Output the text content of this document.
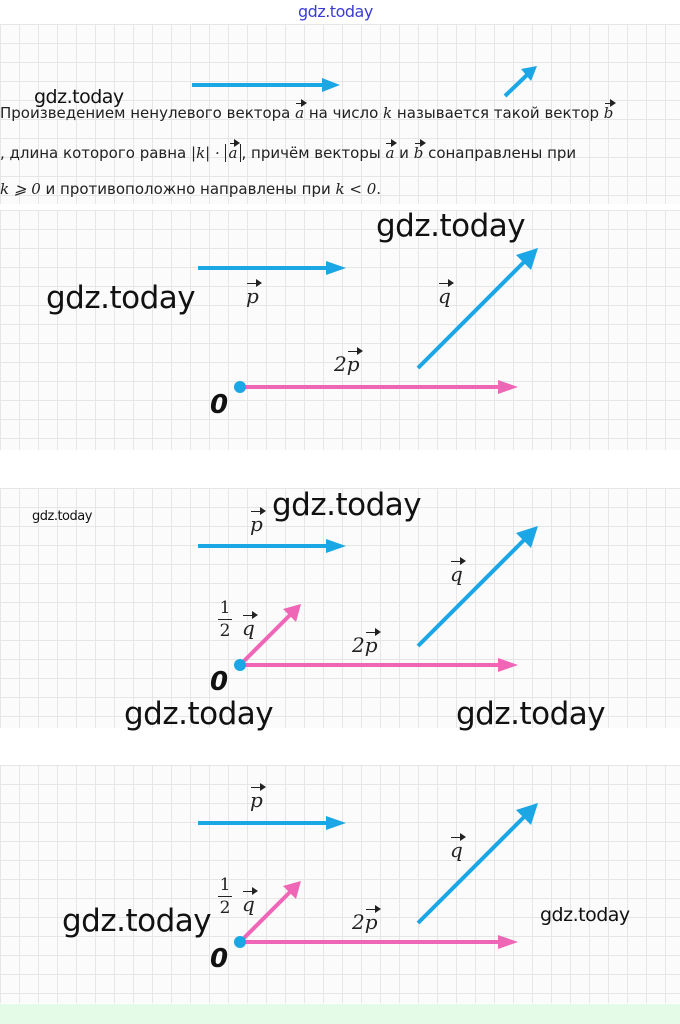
gdz.today
gdz.today
Произведением ненулевого вектора a на число k называется такой вектор b
, длина которого равна |k| · a , причём векторы a и b сонаправлены при
k ⩾ 0 и противоположно направлены при k < 0.
gdz.today
gdz.today	p	q
2p
0
gdz.today	gdz.today
p
q
1
2 q
2p
0
gdz.today	gdz.today
p
q
1
2 q
2p
0
gdz.today	gdz.today
